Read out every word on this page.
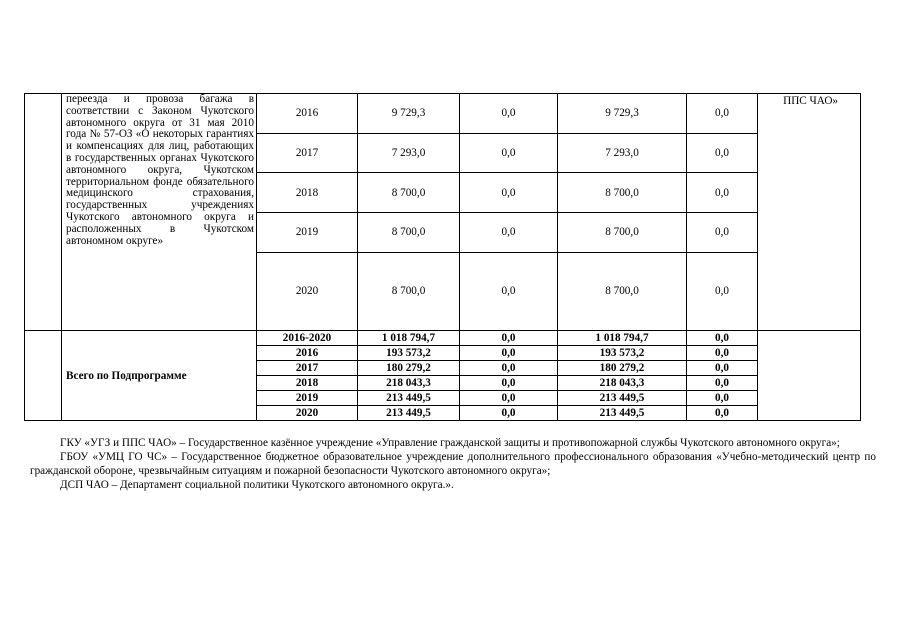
	переезда и провоза багажа в соответствии с Законом Чукотского автономного округа от 31 мая 2010 года № 57-ОЗ «О некоторых гарантиях и компенсациях для лиц, работающих в государственных органах Чукотского автономного округа, Чукотском территориальном фонде обязательного медицинского страхования, государственных учреждениях Чукотского автономного округа и расположенных в Чукотском автономном округе»	2016	9 729,3	0,0	9 729,3	0,0	ППС ЧАО»
		2017	7 293,0	0,0	7 293,0	0,0	
		2018	8 700,0	0,0	8 700,0	0,0	
		2019	8 700,0	0,0	8 700,0	0,0	
		2020	8 700,0	0,0	8 700,0	0,0	
	Всего по Подпрограмме	2016-2020	1 018 794,7	0,0	1 018 794,7	0,0	
		2016	193 573,2	0,0	193 573,2	0,0	
		2017	180 279,2	0,0	180 279,2	0,0	
		2018	218 043,3	0,0	218 043,3	0,0	
		2019	213 449,5	0,0	213 449,5	0,0	
		2020	213 449,5	0,0	213 449,5	0,0	

ГКУ «УГЗ и ППС ЧАО» – Государственное казённое учреждение «Управление гражданской защиты и противопожарной службы Чукотского автономного округа»;

ГБОУ «УМЦ ГО ЧС» – Государственное бюджетное образовательное учреждение дополнительного профессионального образования «Учебно-методический центр по гражданской обороне, чрезвычайным ситуациям и пожарной безопасности Чукотского автономного округа»;

ДСП ЧАО – Департамент социальной политики Чукотского автономного округа.».
